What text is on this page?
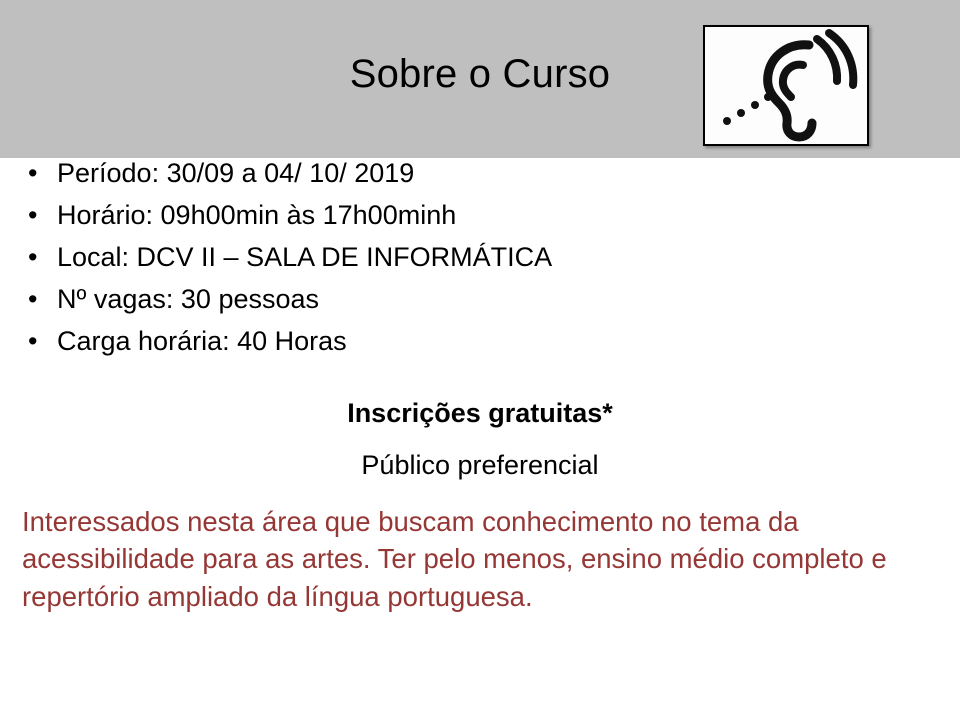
Sobre o Curso
• Período: 30/09 a 04/ 10/ 2019
• Horário: 09h00min às 17h00minh
• Local: DCV II – SALA DE INFORMÁTICA
• Nº vagas: 30 pessoas
• Carga horária: 40 Horas
Inscrições gratuitas*
Público preferencial
Interessados nesta área que buscam conhecimento no tema da acessibilidade para as artes. Ter pelo menos, ensino médio completo e repertório ampliado da língua portuguesa.
